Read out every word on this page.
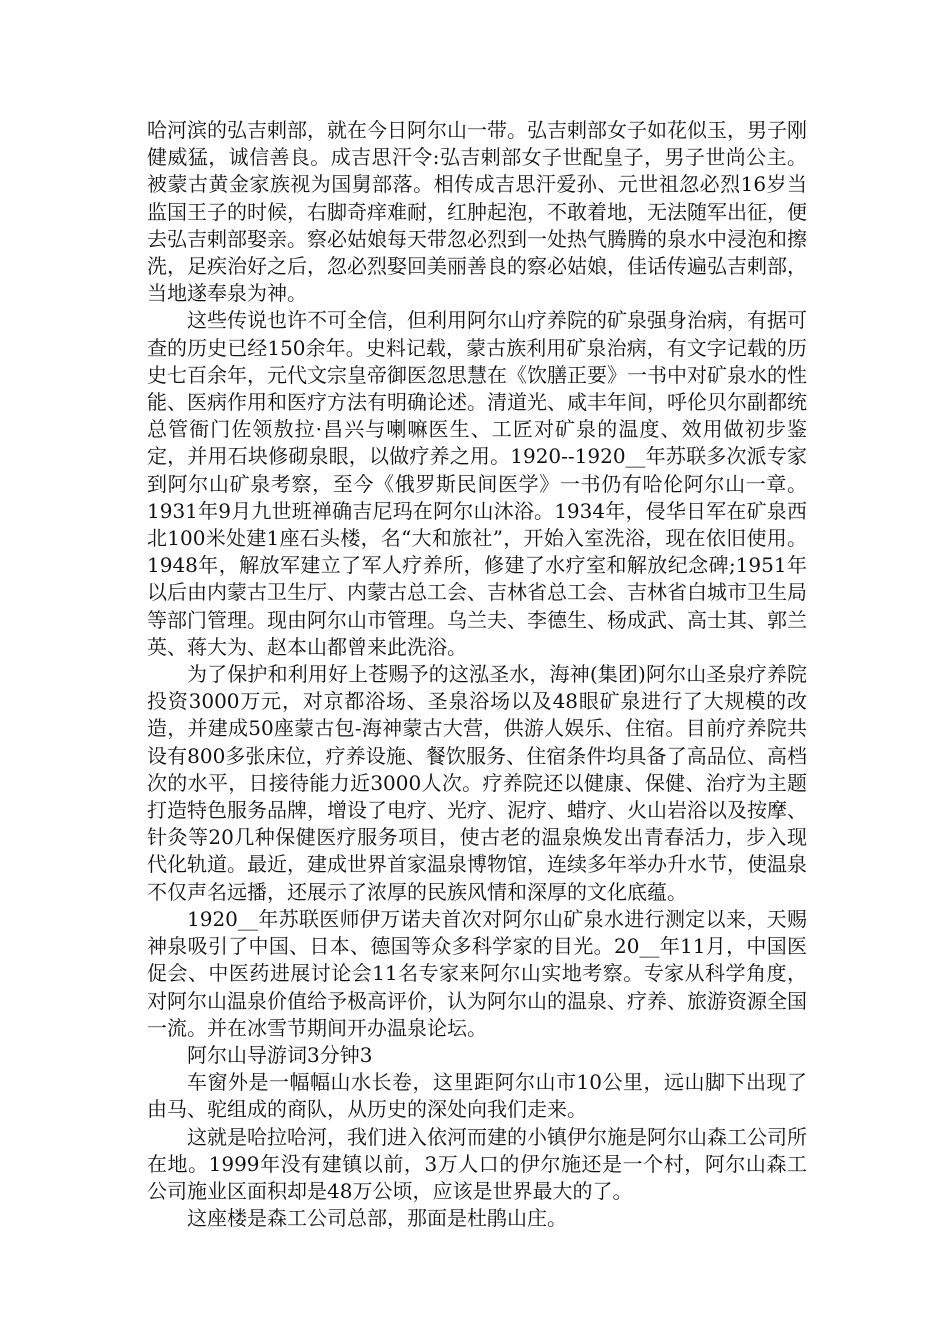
哈河滨的弘吉剌部，就在今日阿尔山一带。弘吉剌部女子如花似玉，男子刚健威猛，诚信善良。成吉思汗令:弘吉剌部女子世配皇子，男子世尚公主。被蒙古黄金家族视为国舅部落。相传成吉思汗爱孙、元世祖忽必烈16岁当监国王子的时候，右脚奇痒难耐，红肿起泡，不敢着地，无法随军出征，便去弘吉剌部娶亲。察必姑娘每天带忽必烈到一处热气腾腾的泉水中浸泡和擦洗，足疾治好之后，忽必烈娶回美丽善良的察必姑娘，佳话传遍弘吉剌部，当地遂奉泉为神。

这些传说也许不可全信，但利用阿尔山疗养院的矿泉强身治病，有据可查的历史已经150余年。史料记载，蒙古族利用矿泉治病，有文字记载的历史七百余年，元代文宗皇帝御医忽思慧在《饮膳正要》一书中对矿泉水的性能、医病作用和医疗方法有明确论述。清道光、咸丰年间，呼伦贝尔副都统总管衙门佐领敖拉·昌兴与喇嘛医生、工匠对矿泉的温度、效用做初步鉴定，并用石块修砌泉眼，以做疗养之用。1920--1920__年苏联多次派专家到阿尔山矿泉考察，至今《俄罗斯民间医学》一书仍有哈伦阿尔山一章。1931年9月九世班禅确吉尼玛在阿尔山沐浴。1934年，侵华日军在矿泉西北100米处建1座石头楼，名“大和旅社”，开始入室洗浴，现在依旧使用。1948年，解放军建立了军人疗养所，修建了水疗室和解放纪念碑;1951年以后由内蒙古卫生厅、内蒙古总工会、吉林省总工会、吉林省白城市卫生局等部门管理。现由阿尔山市管理。乌兰夫、李德生、杨成武、高士其、郭兰英、蒋大为、赵本山都曾来此洗浴。

为了保护和利用好上苍赐予的这泓圣水，海神(集团)阿尔山圣泉疗养院投资3000万元，对京都浴场、圣泉浴场以及48眼矿泉进行了大规模的改造，并建成50座蒙古包-海神蒙古大营，供游人娱乐、住宿。目前疗养院共设有800多张床位，疗养设施、餐饮服务、住宿条件均具备了高品位、高档次的水平，日接待能力近3000人次。疗养院还以健康、保健、治疗为主题打造特色服务品牌，增设了电疗、光疗、泥疗、蜡疗、火山岩浴以及按摩、针灸等20几种保健医疗服务项目，使古老的温泉焕发出青春活力，步入现代化轨道。最近，建成世界首家温泉博物馆，连续多年举办升水节，使温泉不仅声名远播，还展示了浓厚的民族风情和深厚的文化底蕴。

1920__年苏联医师伊万诺夫首次对阿尔山矿泉水进行测定以来，天赐神泉吸引了中国、日本、德国等众多科学家的目光。20__年11月，中国医促会、中医药进展讨论会11名专家来阿尔山实地考察。专家从科学角度，对阿尔山温泉价值给予极高评价，认为阿尔山的温泉、疗养、旅游资源全国一流。并在冰雪节期间开办温泉论坛。

阿尔山导游词3分钟3

车窗外是一幅幅山水长卷，这里距阿尔山市10公里，远山脚下出现了由马、驼组成的商队，从历史的深处向我们走来。

这就是哈拉哈河，我们进入依河而建的小镇伊尔施是阿尔山森工公司所在地。1999年没有建镇以前，3万人口的伊尔施还是一个村，阿尔山森工公司施业区面积却是48万公顷，应该是世界最大的了。

这座楼是森工公司总部，那面是杜鹃山庄。
